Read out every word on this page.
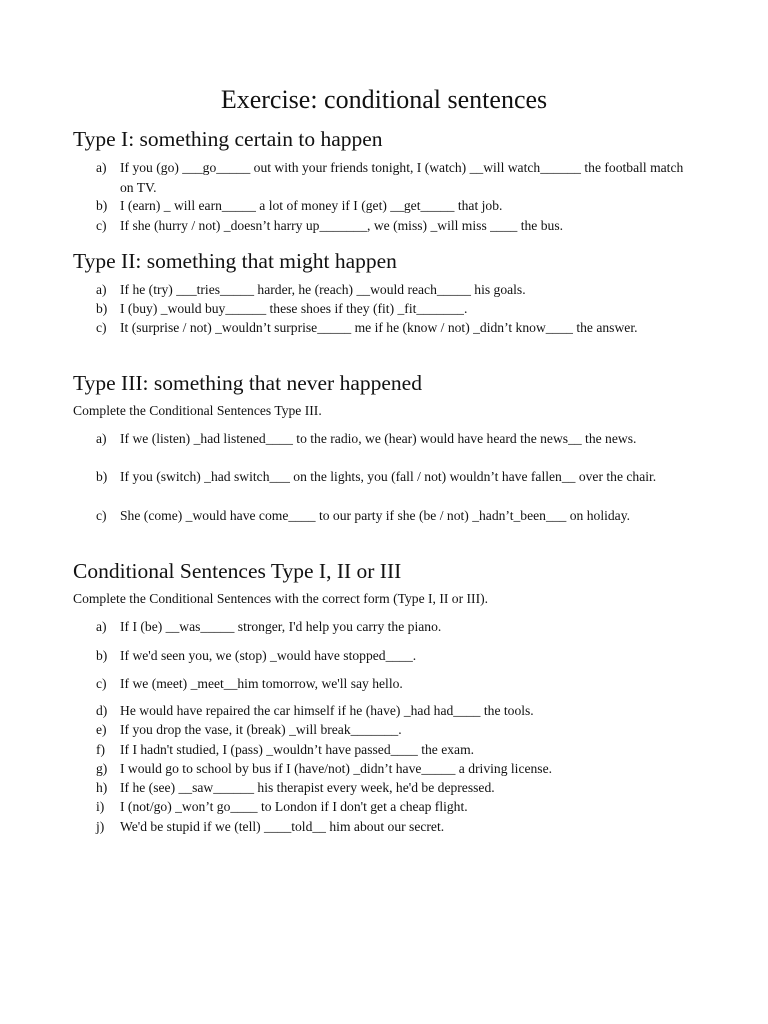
Exercise: conditional sentences
Type I: something certain to happen
a) If you (go) ___go_____ out with your friends tonight, I (watch) __will watch______ the football match on TV.
b) I (earn) _ will earn_____ a lot of money if I (get) __get_____ that job.
c) If she (hurry / not) _doesn’t harry up_______, we (miss) _will miss ____ the bus.
Type II: something that might happen
a) If he (try) ___tries_____ harder, he (reach) __would reach_____ his goals.
b) I (buy) _would buy______ these shoes if they (fit) _fit_______.
c) It (surprise / not) _wouldn’t surprise_____ me if he (know / not) _didn’t know____ the answer.
Type III: something that never happened

Complete the Conditional Sentences Type III.

a) If we (listen) _had listened____ to the radio, we (hear) would have heard the news__ the news.
b) If you (switch) _had switch___ on the lights, you (fall / not) wouldn’t have fallen__ over the chair.
c) She (come) _would have come____ to our party if she (be / not) _hadn’t_been___ on holiday.
Conditional Sentences Type I, II or III

Complete the Conditional Sentences with the correct form (Type I, II or III).

a) If I (be) __was_____ stronger, I'd help you carry the piano.
b) If we'd seen you, we (stop) _would have stopped____.
c) If we (meet) _meet__him tomorrow, we'll say hello.
d) He would have repaired the car himself if he (have) _had had____ the tools.
e) If you drop the vase, it (break) _will break_______.
f)	If I hadn't studied, I (pass) _wouldn’t have passed____ the exam.
g) I would go to school by bus if I (have/not) _didn’t have_____ a driving license.
h) If he (see) __saw______ his therapist every week, he'd be depressed.
i)	I (not/go) _won’t go____ to London if I don't get a cheap flight.
j)	We'd be stupid if we (tell) ____told__ him about our secret.
